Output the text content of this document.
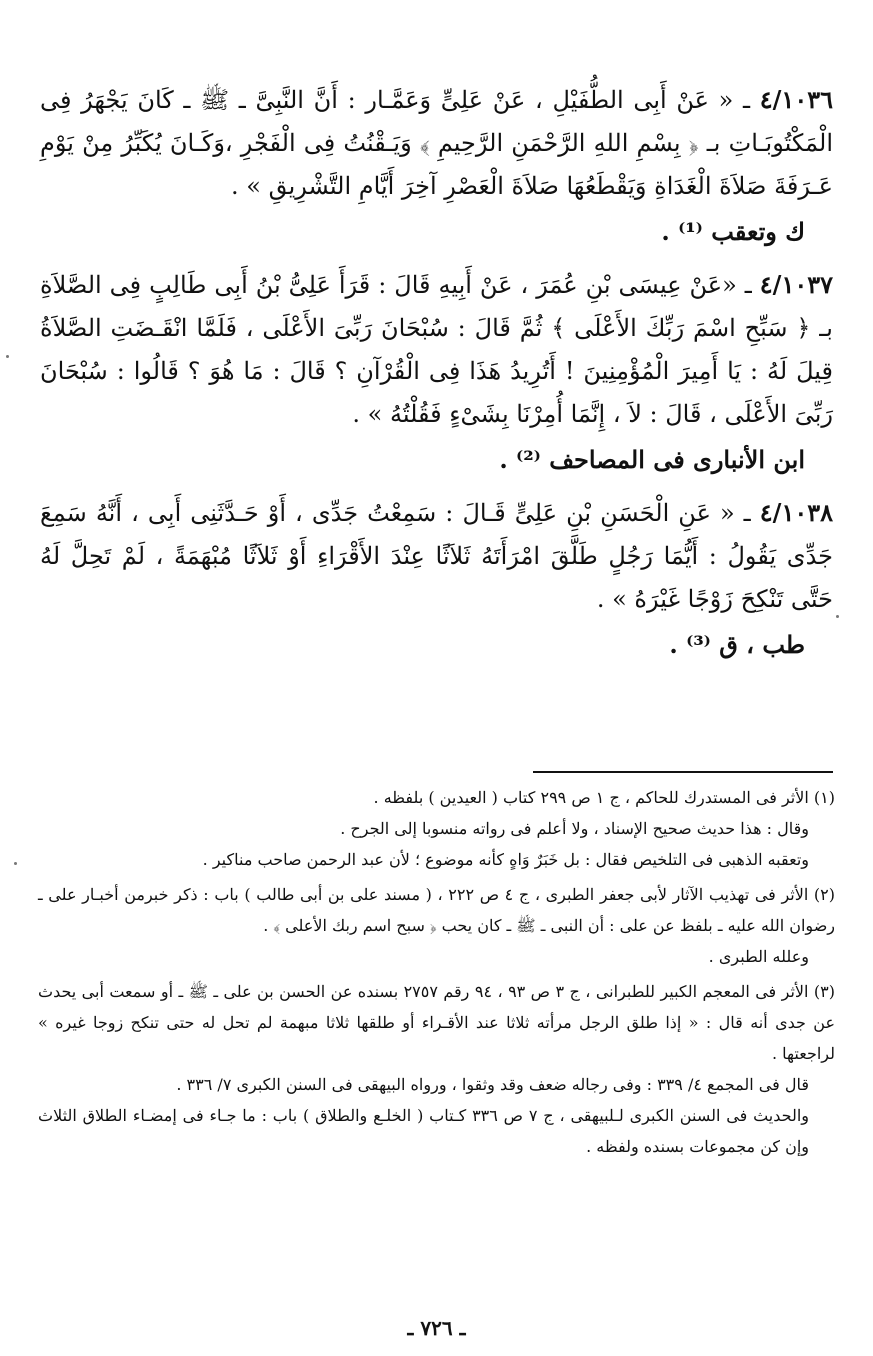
٤/١٠٣٦ ـ « عَنْ أَبِى الطُّفَيْلِ ، عَنْ عَلِىٍّ وَعَمَّـار : أَنَّ النَّبِىَّ ـ ﷺ ـ كَانَ يَجْهَرُ فِى الْمَكْتُوبَـاتِ بـ ﴿ بِسْمِ اللهِ الرَّحْمَنِ الرَّحِيمِ ﴾ وَيَـقْنُتُ فِى الْفَجْرِ ،وَكَـانَ يُكَبِّرُ مِنْ يَوْمِ عَـرَفَةَ صَلاَةَ الْغَدَاةِ وَيَقْطَعُهَا صَلاَةَ الْعَصْرِ آخِرَ أَيَّامِ التَّشْرِيقِ » .

ك وتعقب ⁽¹⁾ .

٤/١٠٣٧ ـ «عَنْ عِيسَى بْنِ عُمَرَ ، عَنْ أَبِيهِ قَالَ : قَرَأَ عَلِىُّ بْنُ أَبِى طَالِبٍ فِى الصَّلاَةِ بـ ﴿ سَبِّحِ اسْمَ رَبِّكَ الأَعْلَى ﴾ ثُمَّ قَالَ : سُبْحَانَ رَبِّىَ الأَعْلَى ، فَلَمَّا انْقَـضَتِ الصَّلاَةُ قِيلَ لَهُ : يَا أَمِيرَ الْمُؤْمِنِينَ ! أَتُرِيدُ هَذَا فِى الْقُرْآنِ ؟ قَالَ : مَا هُوَ ؟ قَالُوا : سُبْحَانَ رَبِّىَ الأَعْلَى ، قَالَ : لاَ ، إِنَّمَا أُمِرْنَا بِشَىْءٍ فَقُلْتُهُ » .

ابن الأنبارى فى المصاحف ⁽²⁾ .

٤/١٠٣٨ ـ « عَنِ الْحَسَنِ بْنِ عَلِىٍّ قَـالَ : سَمِعْتُ جَدِّى ، أَوْ حَـدَّثَنِى أَبِى ، أَنَّهُ سَمِعَ جَدِّى يَقُولُ : أَيُّمَا رَجُلٍ طَلَّقَ امْرَأَتَهُ ثَلاَثًا عِنْدَ الأَقْرَاءِ أَوْ ثَلاَثًا مُبْهَمَةً ، لَمْ تَحِلَّ لَهُ حَتَّى تَنْكِحَ زَوْجًا غَيْرَهُ » .

طب ، ق ⁽³⁾ .
(١) الأثر فى المستدرك للحاكم ، ج ١ ص ٢٩٩ كتاب ( العيدين ) بلفظه .
وقال : هذا حديث صحيح الإسناد ، ولا أعلم فى رواته منسوبا إلى الجرح .
وتعقبه الذهبى فى التلخيص فقال : بل خَبَرٌ وَاهٍ كأنه موضوع ؛ لأن عبد الرحمن صاحب مناكير .
(٢) الأثر فى تهذيب الآثار لأبى جعفر الطبرى ، ج ٤ ص ٢٢٢ ، ( مسند على بن أبى طالب ) باب : ذكر خبرمن أخبـار على ـ رضوان الله عليه ـ بلفظ عن على : أن النبى ـ ﷺ ـ كان يحب ﴿ سبح اسم ربك الأعلى ﴾ .
وعلله الطبرى .
(٣) الأثر فى المعجم الكبير للطبرانى ، ج ٣ ص ٩٣ ، ٩٤ رقم ٢٧٥٧ بسنده عن الحسن بن على ـ ﷺ ـ أو سمعت أبى يحدث عن جدى أنه قال : « إذا طلق الرجل مرأته ثلاثا عند الأقـراء أو طلقها ثلاثا مبهمة لم تحل له حتى تنكح زوجا غيره » لراجعتها .
قال فى المجمع ٤/ ٣٣٩ : وفى رجاله ضعف وقد وثقوا ، ورواه البيهقى فى السنن الكبرى ٧/ ٣٣٦ .
والحديث فى السنن الكبرى لـلبيهقى ، ج ٧ ص ٣٣٦ كـتاب ( الخلـع والطلاق ) باب : ما جـاء فى إمضـاء الطلاق الثلاث وإن كن مجموعات بسنده ولفظه .
ـ ٧٢٦ ـ
